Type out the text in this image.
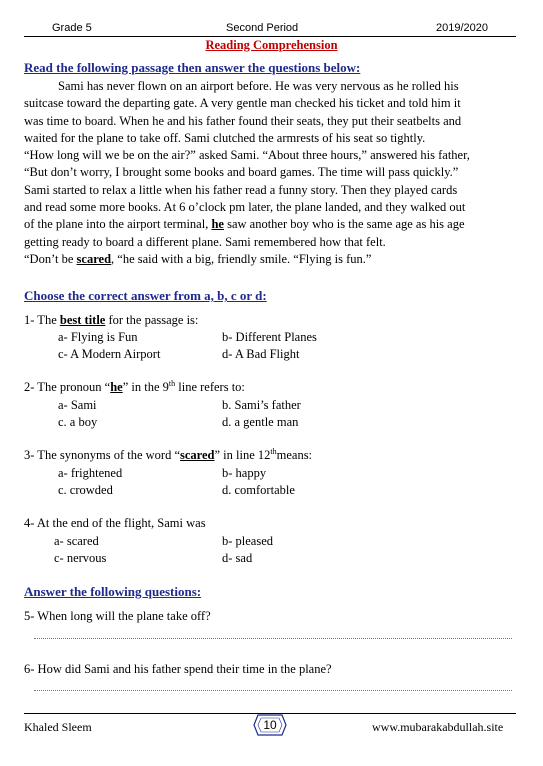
Grade 5	Second Period	2019/2020
Reading Comprehension
Read the following passage then answer the questions below:

Sami has never flown on an airport before. He was very nervous as he rolled his

suitcase toward the departing gate. A very gentle man checked his ticket and told him it

was time to board. When he and his father found their seats, they put their seatbelts and

waited for the plane to take off. Sami clutched the armrests of his seat so tightly.

“How long will we be on the air?” asked Sami. “About three hours,” answered his father,

“But don’t worry, I brought some books and board games. The time will pass quickly.”

Sami started to relax a little when his father read a funny story. Then they played cards

and read some more books. At 6 o’clock pm later, the plane landed, and they walked out

of the plane into the airport terminal, he saw another boy who is the same age as his age

getting ready to board a different plane. Sami remembered how that felt.

“Don’t be scared, “he said with a big, friendly smile. “Flying is fun.”

Choose the correct answer from a, b, c or d:
1- The best title for the passage is:
a- Flying is Fun	b- Different Planes
c- A Modern Airport	d- A Bad Flight
2- The pronoun “he” in the 9th line refers to:
a- Sami	b. Sami’s father
c. a boy	d. a gentle man
3- The synonyms of the word “scared” in line 12thmeans:
a- frightened	b- happy
c. crowded	d. comfortable
4- At the end of the flight, Sami was
a- scared	b- pleased
c- nervous	d- sad
Answer the following questions:
5- When long will the plane take off?
6- How did Sami and his father spend their time in the plane?
Khaled Sleem	10	www.mubarakabdullah.site
